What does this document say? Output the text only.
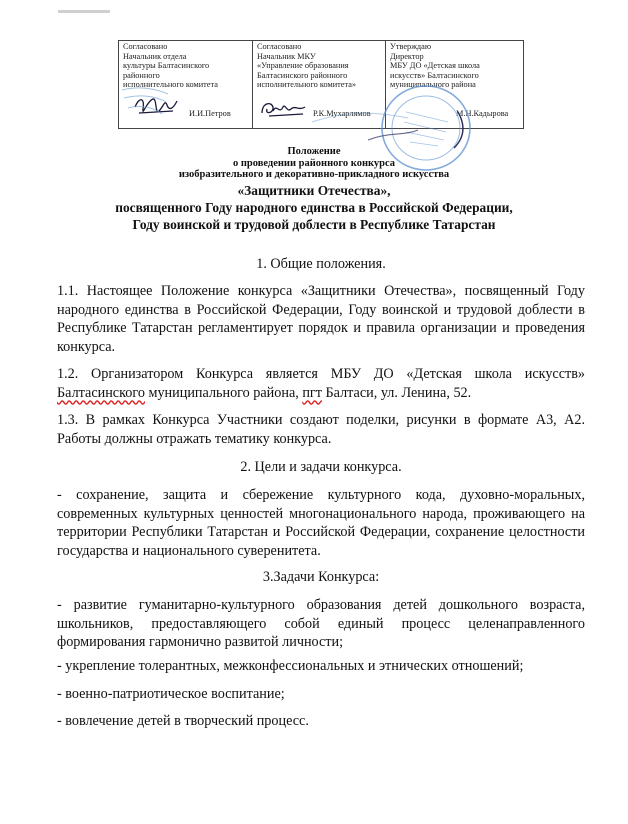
Согласовано
Начальник отдела
культуры Балтасинского
районного
исполнительного комитета
И.И.Петров
Согласовано
Начальник МКУ
«Управление образования
Балтасинского районного
исполнительного комитета»
Р.К.Мухарлямов
Утверждаю
Директор
МБУ ДО «Детская школа
искусств» Балтасинского
муниципального района
М.Н.Кадырова
Положение
о проведении районного конкурса
изобразительного и декоративно-прикладного искусства
«Защитники Отечества»,
посвященного Году народного единства в Российской Федерации,
Году воинской и трудовой доблести в Республике Татарстан
1. Общие положения.
1.1. Настоящее Положение конкурса «Защитники Отечества», посвященный Году народного единства в Российской Федерации, Году воинской и трудовой доблести в Республике Татарстан регламентирует порядок и правила организации и проведения конкурса.
1.2. Организатором Конкурса является МБУ ДО «Детская школа искусств» Балтасинского муниципального района, пгт Балтаси, ул. Ленина, 52.
1.3. В рамках Конкурса Участники создают поделки, рисунки в формате А3, А2. Работы должны отражать тематику конкурса.
2. Цели и задачи конкурса.
- сохранение, защита и сбережение культурного кода, духовно-моральных, современных культурных ценностей многонационального народа, проживающего на территории Республики Татарстан и Российской Федерации, сохранение целостности государства и национального суверенитета.
3.Задачи Конкурса:
- развитие гуманитарно-культурного образования детей дошкольного возраста, школьников, предоставляющего собой единый процесс целенаправленного формирования гармонично развитой личности;
- укрепление толерантных, межконфессиональных и этнических отношений;
- военно-патриотическое воспитание;
- вовлечение детей в творческий процесс.
